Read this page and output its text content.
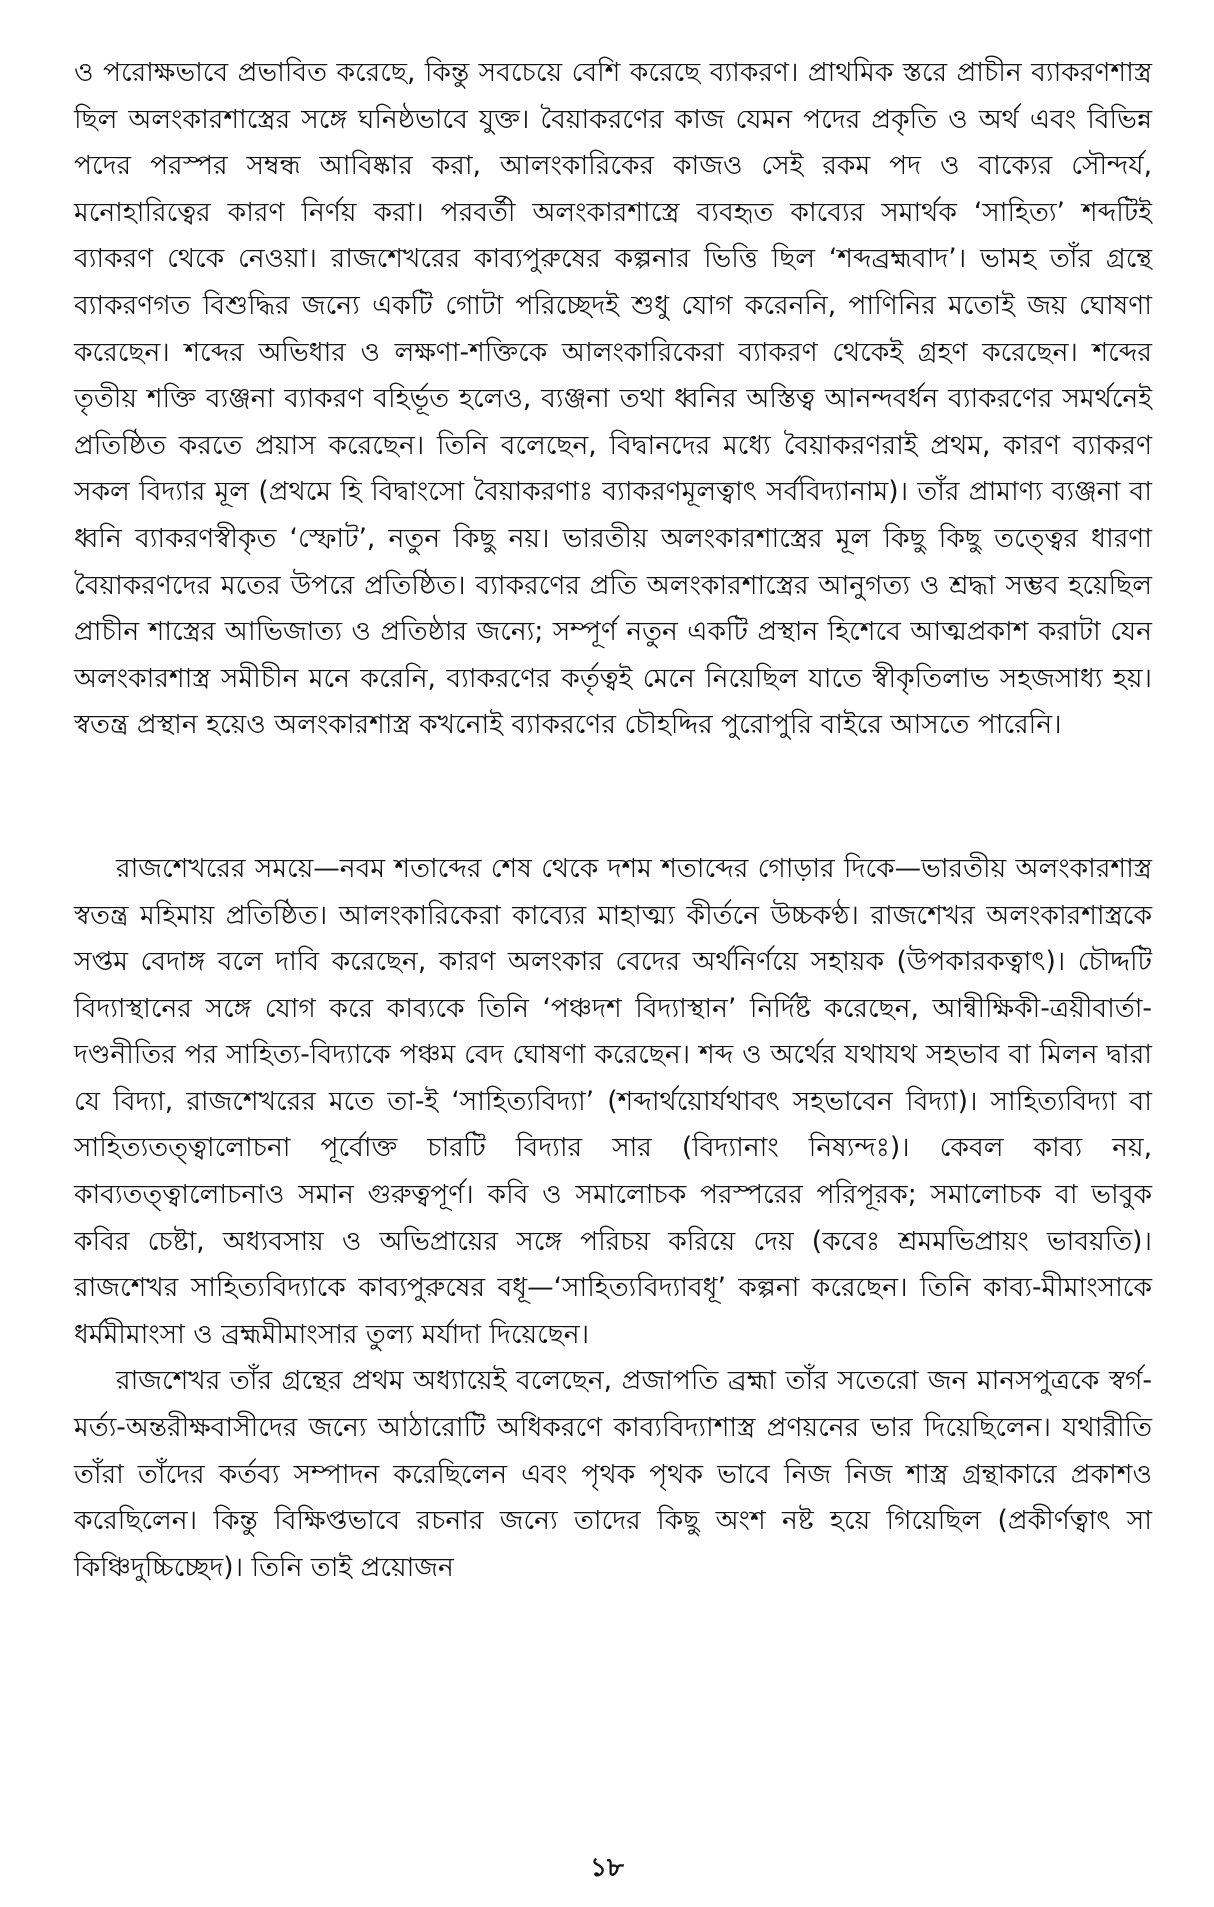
ও পরোক্ষভাবে প্রভাবিত করেছে, কিন্তু সবচেয়ে বেশি করেছে ব্যাকরণ। প্রাথমিক স্তরে প্রাচীন ব্যাকরণশাস্ত্র ছিল অলংকারশাস্ত্রের সঙ্গে ঘনিষ্ঠভাবে যুক্ত। বৈয়াকরণের কাজ যেমন পদের প্রকৃতি ও অর্থ এবং বিভিন্ন পদের পরস্পর সম্বন্ধ আবিষ্কার করা, আলংকারিকের কাজও সেই রকম পদ ও বাক্যের সৌন্দর্য, মনোহারিত্বের কারণ নির্ণয় করা। পরবর্তী অলংকারশাস্ত্রে ব্যবহৃত কাব্যের সমার্থক ‘সাহিত্য’ শব্দটিই ব্যাকরণ থেকে নেওয়া। রাজশেখরের কাব্যপুরুষের কল্পনার ভিত্তি ছিল ‘শব্দব্রহ্মবাদ’। ভামহ তাঁর গ্রন্থে ব্যাকরণগত বিশুদ্ধির জন্যে একটি গোটা পরিচ্ছেদই শুধু যোগ করেননি, পাণিনির মতোই জয় ঘোষণা করেছেন। শব্দের অভিধার ও লক্ষণা-শক্তিকে আলংকারিকেরা ব্যাকরণ থেকেই গ্রহণ করেছেন। শব্দের তৃতীয় শক্তি ব্যঞ্জনা ব্যাকরণ বহির্ভূত হলেও, ব্যঞ্জনা তথা ধ্বনির অস্তিত্ব আনন্দবর্ধন ব্যাকরণের সমর্থনেই প্রতিষ্ঠিত করতে প্রয়াস করেছেন। তিনি বলেছেন, বিদ্বানদের মধ্যে বৈয়াকরণরাই প্রথম, কারণ ব্যাকরণ সকল বিদ্যার মূল (প্রথমে হি বিদ্বাংসো বৈয়াকরণাঃ ব্যাকরণমূলত্বাৎ সর্ববিদ্যানাম)। তাঁর প্রামাণ্য ব্যঞ্জনা বা ধ্বনি ব্যাকরণস্বীকৃত ‘স্ফোট’, নতুন কিছু নয়। ভারতীয় অলংকারশাস্ত্রের মূল কিছু কিছু তত্ত্বের ধারণা বৈয়াকরণদের মতের উপরে প্রতিষ্ঠিত। ব্যাকরণের প্রতি অলংকারশাস্ত্রের আনুগত্য ও শ্রদ্ধা সম্ভব হয়েছিল প্রাচীন শাস্ত্রের আভিজাত্য ও প্রতিষ্ঠার জন্যে; সম্পূর্ণ নতুন একটি প্রস্থান হিশেবে আত্মপ্রকাশ করাটা যেন অলংকারশাস্ত্র সমীচীন মনে করেনি, ব্যাকরণের কর্তৃত্বই মেনে নিয়েছিল যাতে স্বীকৃতিলাভ সহজসাধ্য হয়। স্বতন্ত্র প্রস্থান হয়েও অলংকারশাস্ত্র কখনোই ব্যাকরণের চৌহদ্দির পুরোপুরি বাইরে আসতে পারেনি।

রাজশেখরের সময়ে—নবম শতাব্দের শেষ থেকে দশম শতাব্দের গোড়ার দিকে—ভারতীয় অলংকারশাস্ত্র স্বতন্ত্র মহিমায় প্রতিষ্ঠিত। আলংকারিকেরা কাব্যের মাহাত্ম্য কীর্তনে উচ্চকণ্ঠ। রাজশেখর অলংকারশাস্ত্রকে সপ্তম বেদাঙ্গ বলে দাবি করেছেন, কারণ অলংকার বেদের অর্থনির্ণয়ে সহায়ক (উপকারকত্বাৎ)। চৌদ্দটি বিদ্যাস্থানের সঙ্গে যোগ করে কাব্যকে তিনি ‘পঞ্চদশ বিদ্যাস্থান’ নির্দিষ্ট করেছেন, আন্বীক্ষিকী-ত্রয়ীবার্তা-দণ্ডনীতির পর সাহিত্য-বিদ্যাকে পঞ্চম বেদ ঘোষণা করেছেন। শব্দ ও অর্থের যথাযথ সহভাব বা মিলন দ্বারা যে বিদ্যা, রাজশেখরের মতে তা-ই ‘সাহিত্যবিদ্যা’ (শব্দার্থয়োর্যথাবৎ সহভাবেন বিদ্যা)। সাহিত্যবিদ্যা বা সাহিত্যতত্ত্বালোচনা পূর্বোক্ত চারটি বিদ্যার সার (বিদ্যানাং নিষ্যন্দঃ)। কেবল কাব্য নয়, কাব্যতত্ত্বালোচনাও সমান গুরুত্বপূর্ণ। কবি ও সমালোচক পরস্পরের পরিপূরক; সমালোচক বা ভাবুক কবির চেষ্টা, অধ্যবসায় ও অভিপ্রায়ের সঙ্গে পরিচয় করিয়ে দেয় (কবেঃ শ্রমমভিপ্রায়ং ভাবয়তি)। রাজশেখর সাহিত্যবিদ্যাকে কাব্যপুরুষের বধূ—‘সাহিত্যবিদ্যাবধূ’ কল্পনা করেছেন। তিনি কাব্য-মীমাংসাকে ধর্মমীমাংসা ও ব্রহ্মমীমাংসার তুল্য মর্যাদা দিয়েছেন।

রাজশেখর তাঁর গ্রন্থের প্রথম অধ্যায়েই বলেছেন, প্রজাপতি ব্রহ্মা তাঁর সতেরো জন মানসপুত্রকে স্বর্গ-মর্ত্য-অন্তরীক্ষবাসীদের জন্যে আঠারোটি অধিকরণে কাব্যবিদ্যাশাস্ত্র প্রণয়নের ভার দিয়েছিলেন। যথারীতি তাঁরা তাঁদের কর্তব্য সম্পাদন করেছিলেন এবং পৃথক পৃথক ভাবে নিজ নিজ শাস্ত্র গ্রন্থাকারে প্রকাশও করেছিলেন। কিন্তু বিক্ষিপ্তভাবে রচনার জন্যে তাদের কিছু অংশ নষ্ট হয়ে গিয়েছিল (প্রকীর্ণত্বাৎ সা কিঞ্চিদুচ্চিচ্ছেদ)। তিনি তাই প্রয়োজন

১৮
